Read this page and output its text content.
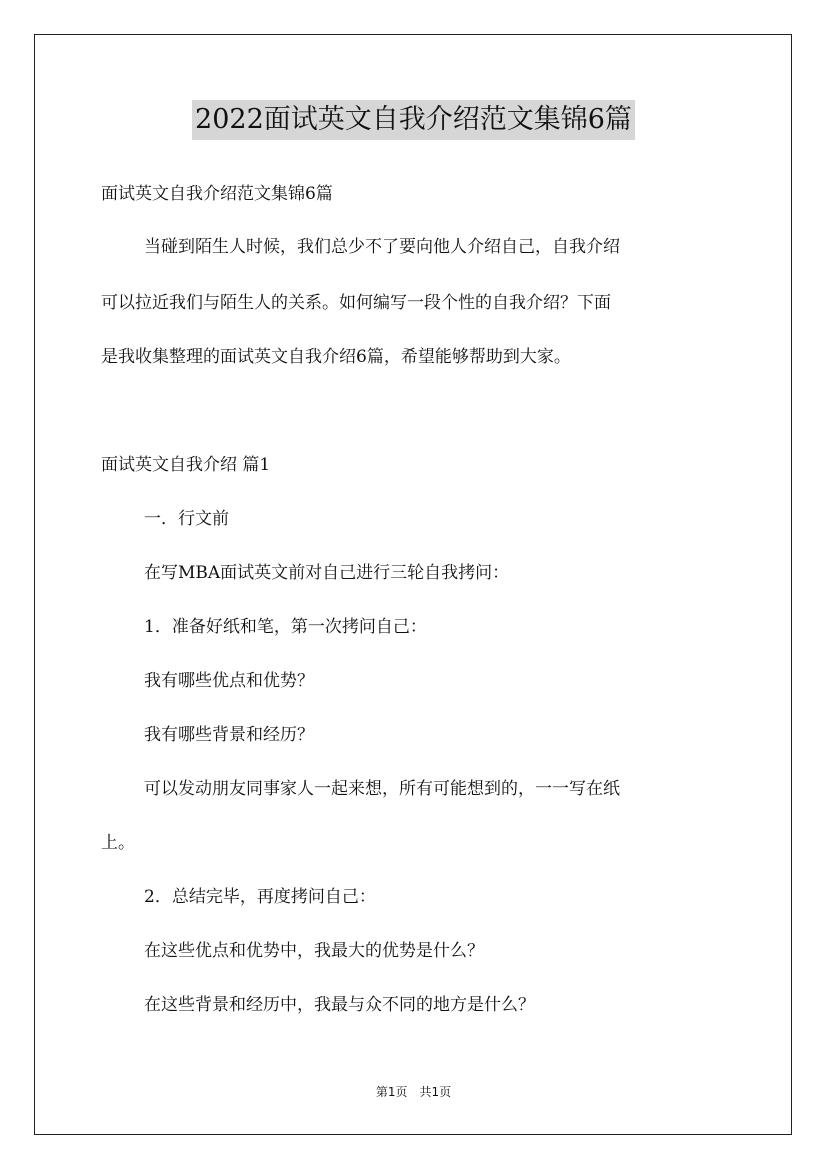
2022面试英文自我介绍范文集锦6篇
面试英文自我介绍范文集锦6篇
当碰到陌生人时候，我们总少不了要向他人介绍自己，自我介绍
可以拉近我们与陌生人的关系。如何编写一段个性的自我介绍？下面
是我收集整理的面试英文自我介绍6篇，希望能够帮助到大家。
面试英文自我介绍 篇1
一．行文前
在写MBA面试英文前对自己进行三轮自我拷问：
1．准备好纸和笔，第一次拷问自己：
我有哪些优点和优势？
我有哪些背景和经历？
可以发动朋友同事家人一起来想，所有可能想到的，一一写在纸
上。
2．总结完毕，再度拷问自己：
在这些优点和优势中，我最大的优势是什么？
在这些背景和经历中，我最与众不同的地方是什么？
第1页　共1页
